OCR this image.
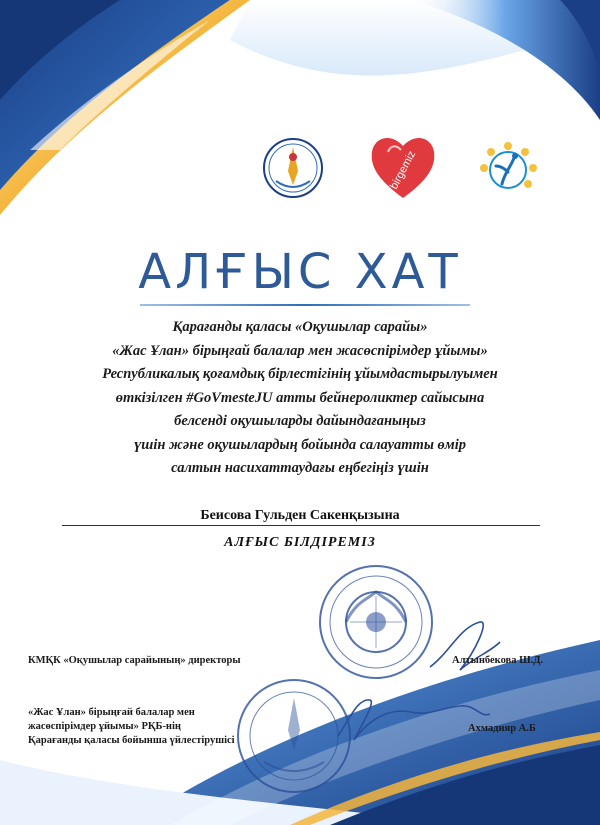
birgemiz
АЛҒЫС ХАТ
Қарағанды қаласы «Оқушылар сарайы»
«Жас Ұлан» бірыңғай балалар мен жасөспірімдер ұйымы»
Республикалық қоғамдық бірлестігінің ұйымдастырылуымен
өткізілген #GoVmesteJU атты бейнероликтер сайысына
белсенді оқушыларды дайындағаныңыз
үшін және оқушылардың бойында салауатты өмір
салтын насихаттаудағы еңбегіңіз үшін
Беисова Гульден Сакенқызына
АЛҒЫС БІЛДІРЕМІЗ
КМҚК «Оқушылар сарайының» директоры	Алтынбекова Ш.Д.
«Жас Ұлан» бірыңғай балалар мен
жасөспірімдер ұйымы» РҚБ-нің
Қарағанды қаласы бойынша үйлестірушісі
Ахмадияр А.Б
